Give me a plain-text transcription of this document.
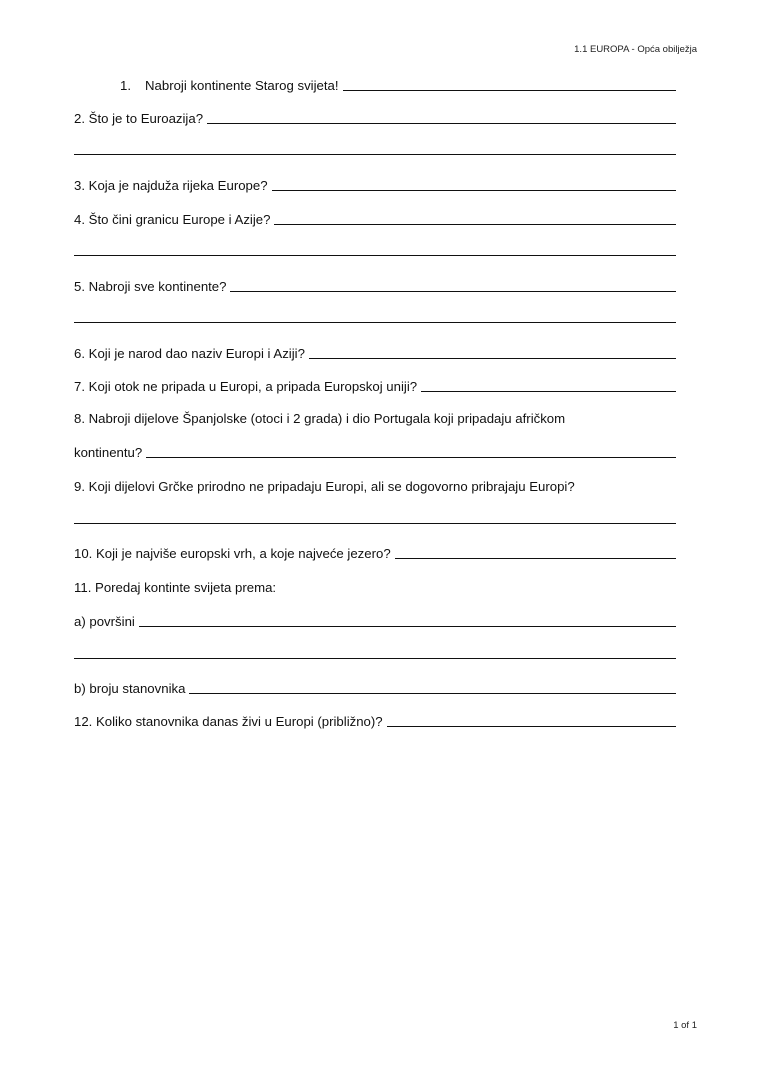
1.1 EUROPA - Opća obilježja
1. Nabroji kontinente Starog svijeta!
2. Što je to Euroazija?
3. Koja je najduža rijeka Europe?
4. Što čini granicu Europe i Azije?
5. Nabroji sve kontinente?
6. Koji je narod dao naziv Europi i Aziji?
7. Koji otok ne pripada u Europi, a pripada Europskoj uniji?
8. Nabroji dijelove Španjolske (otoci i 2 grada) i dio Portugala koji pripadaju afričkom
kontinentu?
9. Koji dijelovi Grčke prirodno ne pripadaju Europi, ali se dogovorno pribrajaju Europi?
10. Koji je najviše europski vrh, a koje najveće jezero?
11. Poredaj kontinte svijeta prema:
a) površini
b) broju stanovnika
12. Koliko stanovnika danas živi u Europi (približno)?
1 of 1
